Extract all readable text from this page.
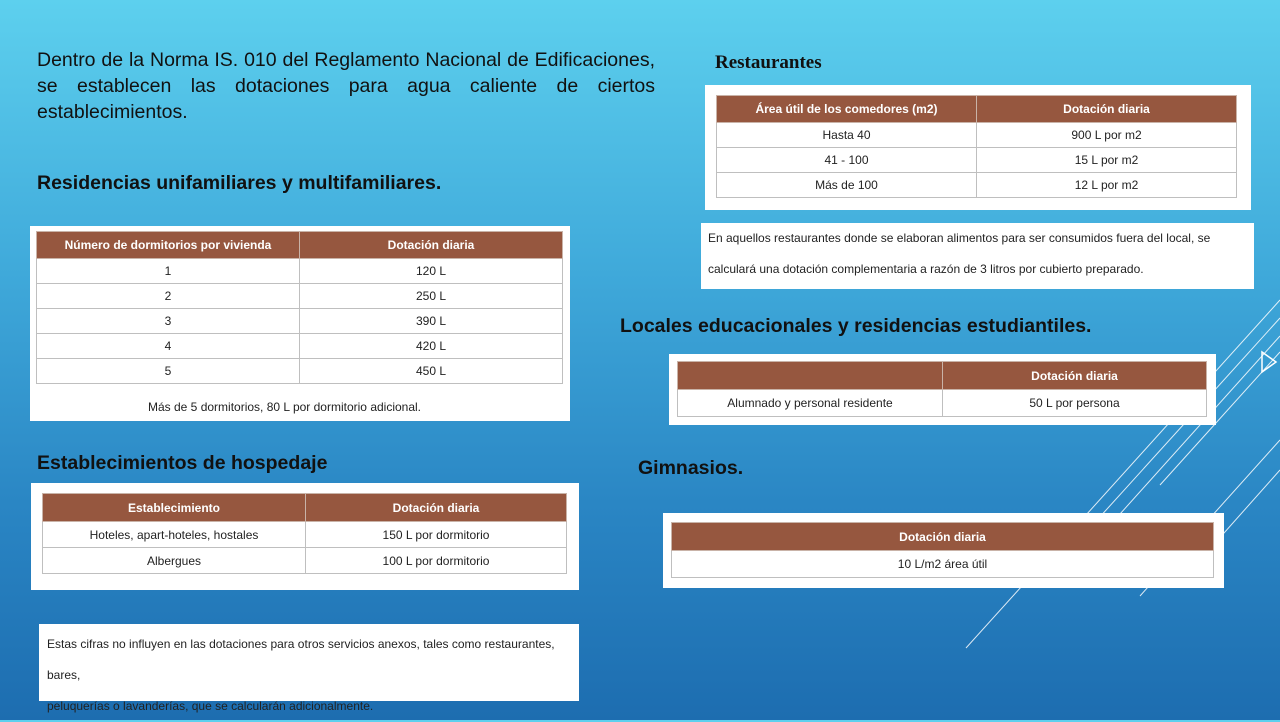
Dentro de la Norma IS. 010 del Reglamento Nacional de Edificaciones, se establecen las dotaciones para agua caliente de ciertos establecimientos.
Residencias unifamiliares y multifamiliares.
Número de dormitorios por vivienda	Dotación diaria
1	120 L
2	250 L
3	390 L
4	420 L
5	450 L
Más de 5 dormitorios, 80 L por dormitorio adicional.
Establecimientos de hospedaje
Establecimiento	Dotación diaria
Hoteles, apart-hoteles, hostales	150 L por dormitorio
Albergues	100 L por dormitorio
Estas cifras no influyen en las dotaciones para otros servicios anexos, tales como restaurantes, bares,
peluquerías o lavanderías, que se calcularán adicionalmente.
Restaurantes
Área útil de los comedores (m2)	Dotación diaria
Hasta 40	900 L por m2
41 - 100	15 L por m2
Más de 100	12 L por m2
En aquellos restaurantes donde se elaboran alimentos para ser consumidos fuera del local, se
calculará una dotación complementaria a razón de 3 litros por cubierto preparado.
Locales educacionales y residencias estudiantiles.
	Dotación diaria
Alumnado y personal residente	50 L por persona
Gimnasios.
Dotación diaria
10 L/m2 área útil
